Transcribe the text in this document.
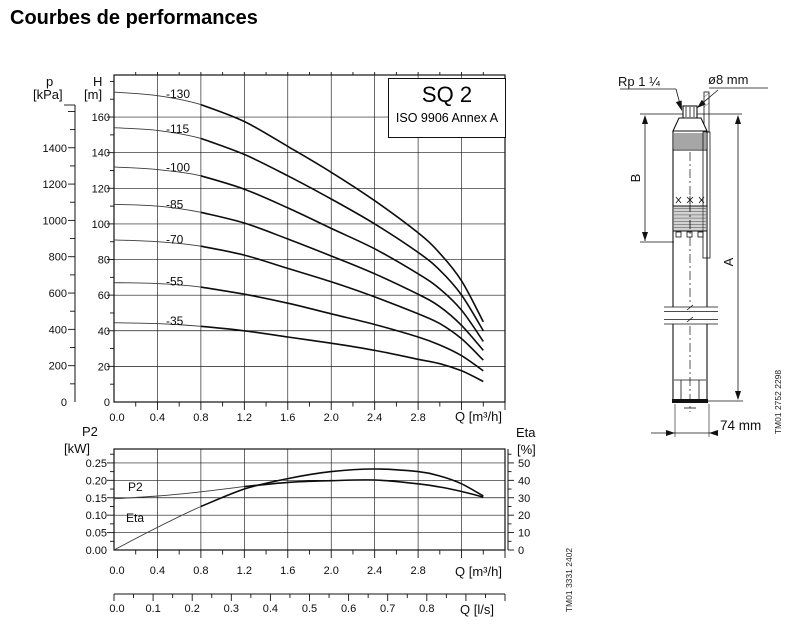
Courbes de performances
0.0 0.4	0.8	1.2	1.6	2.0	2.4	2.8
0
20
40
60
80
100
120
140
160
0
200
400
600
800
1000
1200
1400
-130
-115
-100
-85
-70
-55
-35
0.0 0.4	0.8	1.2	1.6	2.0	2.4	2.8
0.00
0.05
0.10
0.15
0.20
0.25
0
10
20
30
40
50
0.0 0.1 0.2 0.3 0.4 0.5 0.6 0.7 0.8
B
A
Rp 1 ¼	ø8 mm
74 mm TM01 2752 2298
TM01 3331 2402
SQ 2
ISO 9906 Annex A
p
[kPa]
H
[m]
Q [m³/h]
P2
[kW]
Eta
[%]
Q [m³/h]
Q [l/s]
P2
Eta
